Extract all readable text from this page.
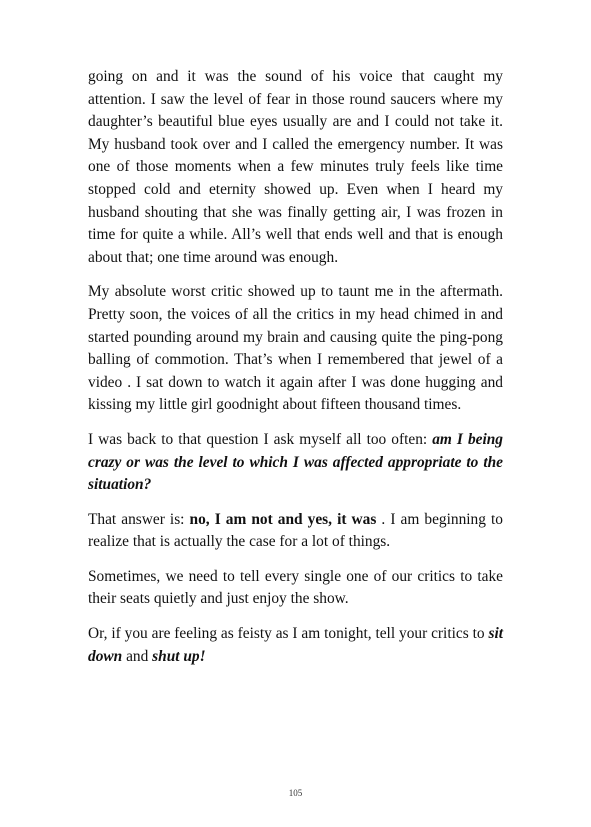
going on and it was the sound of his voice that caught my attention. I saw the level of fear in those round saucers where my daughter’s beautiful blue eyes usually are and I could not take it. My husband took over and I called the emergency number. It was one of those moments when a few minutes truly feels like time stopped cold and eternity showed up. Even when I heard my husband shouting that she was finally getting air, I was frozen in time for quite a while. All’s well that ends well and that is enough about that; one time around was enough.

My absolute worst critic showed up to taunt me in the aftermath. Pretty soon, the voices of all the critics in my head chimed in and started pounding around my brain and causing quite the ping-pong balling of commotion. That’s when I remembered that jewel of a video . I sat down to watch it again after I was done hugging and kissing my little girl goodnight about fifteen thousand times.

I was back to that question I ask myself all too often: am I being crazy or was the level to which I was affected appropriate to the situation?

That answer is: no, I am not and yes, it was . I am beginning to realize that is actually the case for a lot of things.

Sometimes, we need to tell every single one of our critics to take their seats quietly and just enjoy the show.

Or, if you are feeling as feisty as I am tonight, tell your critics to sit down and shut up!

105
